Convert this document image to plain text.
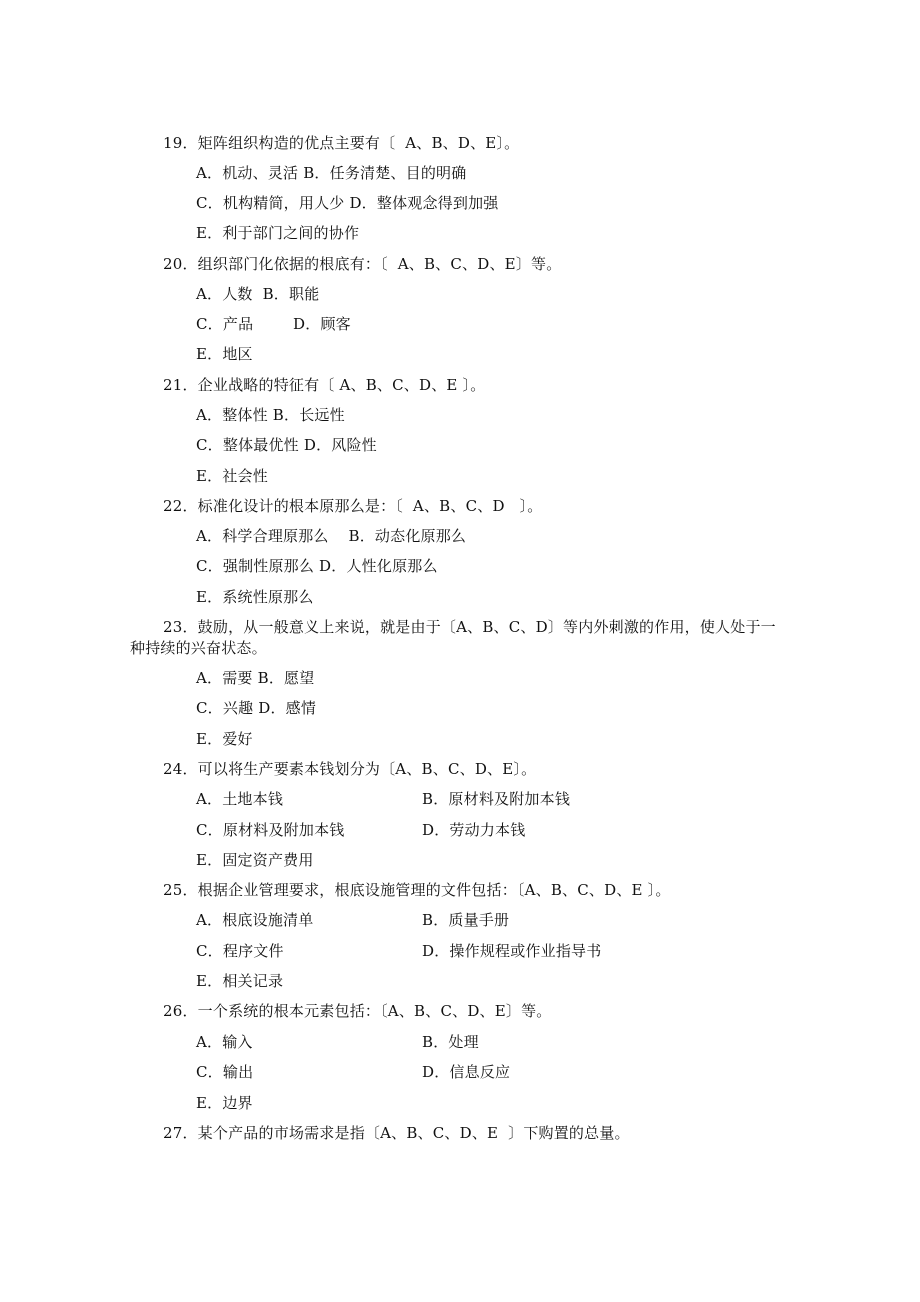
19．矩阵组织构造的优点主要有〔  A、B、D、E〕。
A．机动、灵活 B．任务清楚、目的明确
C．机构精简，用人少 D．整体观念得到加强
E．利于部门之间的协作
20．组织部门化依据的根底有：〔  A、B、C、D、E〕等。
A．人数  B．职能
C．产品        D．顾客
E．地区
21．企业战略的特征有〔 A、B、C、D、E 〕。
A．整体性 B．长远性
C．整体最优性 D．风险性
E．社会性
22．标准化设计的根本原那么是：〔  A、B、C、D   〕。
A．科学合理原那么    B．动态化原那么
C．强制性原那么 D．人性化原那么
E．系统性原那么
23．鼓励，从一般意义上来说，就是由于〔A、B、C、D〕等内外刺激的作用，使人处于一
种持续的兴奋状态。
A．需要 B．愿望
C．兴趣 D．感情
E．爱好
24．可以将生产要素本钱划分为〔A、B、C、D、E〕。
A．土地本钱	B．原材料及附加本钱
C．原材料及附加本钱	D．劳动力本钱
E．固定资产费用
25．根据企业管理要求，根底设施管理的文件包括：〔A、B、C、D、E 〕。
A．根底设施清单	B．质量手册
C．程序文件	D．操作规程或作业指导书
E．相关记录
26．一个系统的根本元素包括：〔A、B、C、D、E〕等。
A．输入	B．处理
C．输出	D．信息反应
E．边界
27．某个产品的市场需求是指〔A、B、C、D、E  〕下购置的总量。
